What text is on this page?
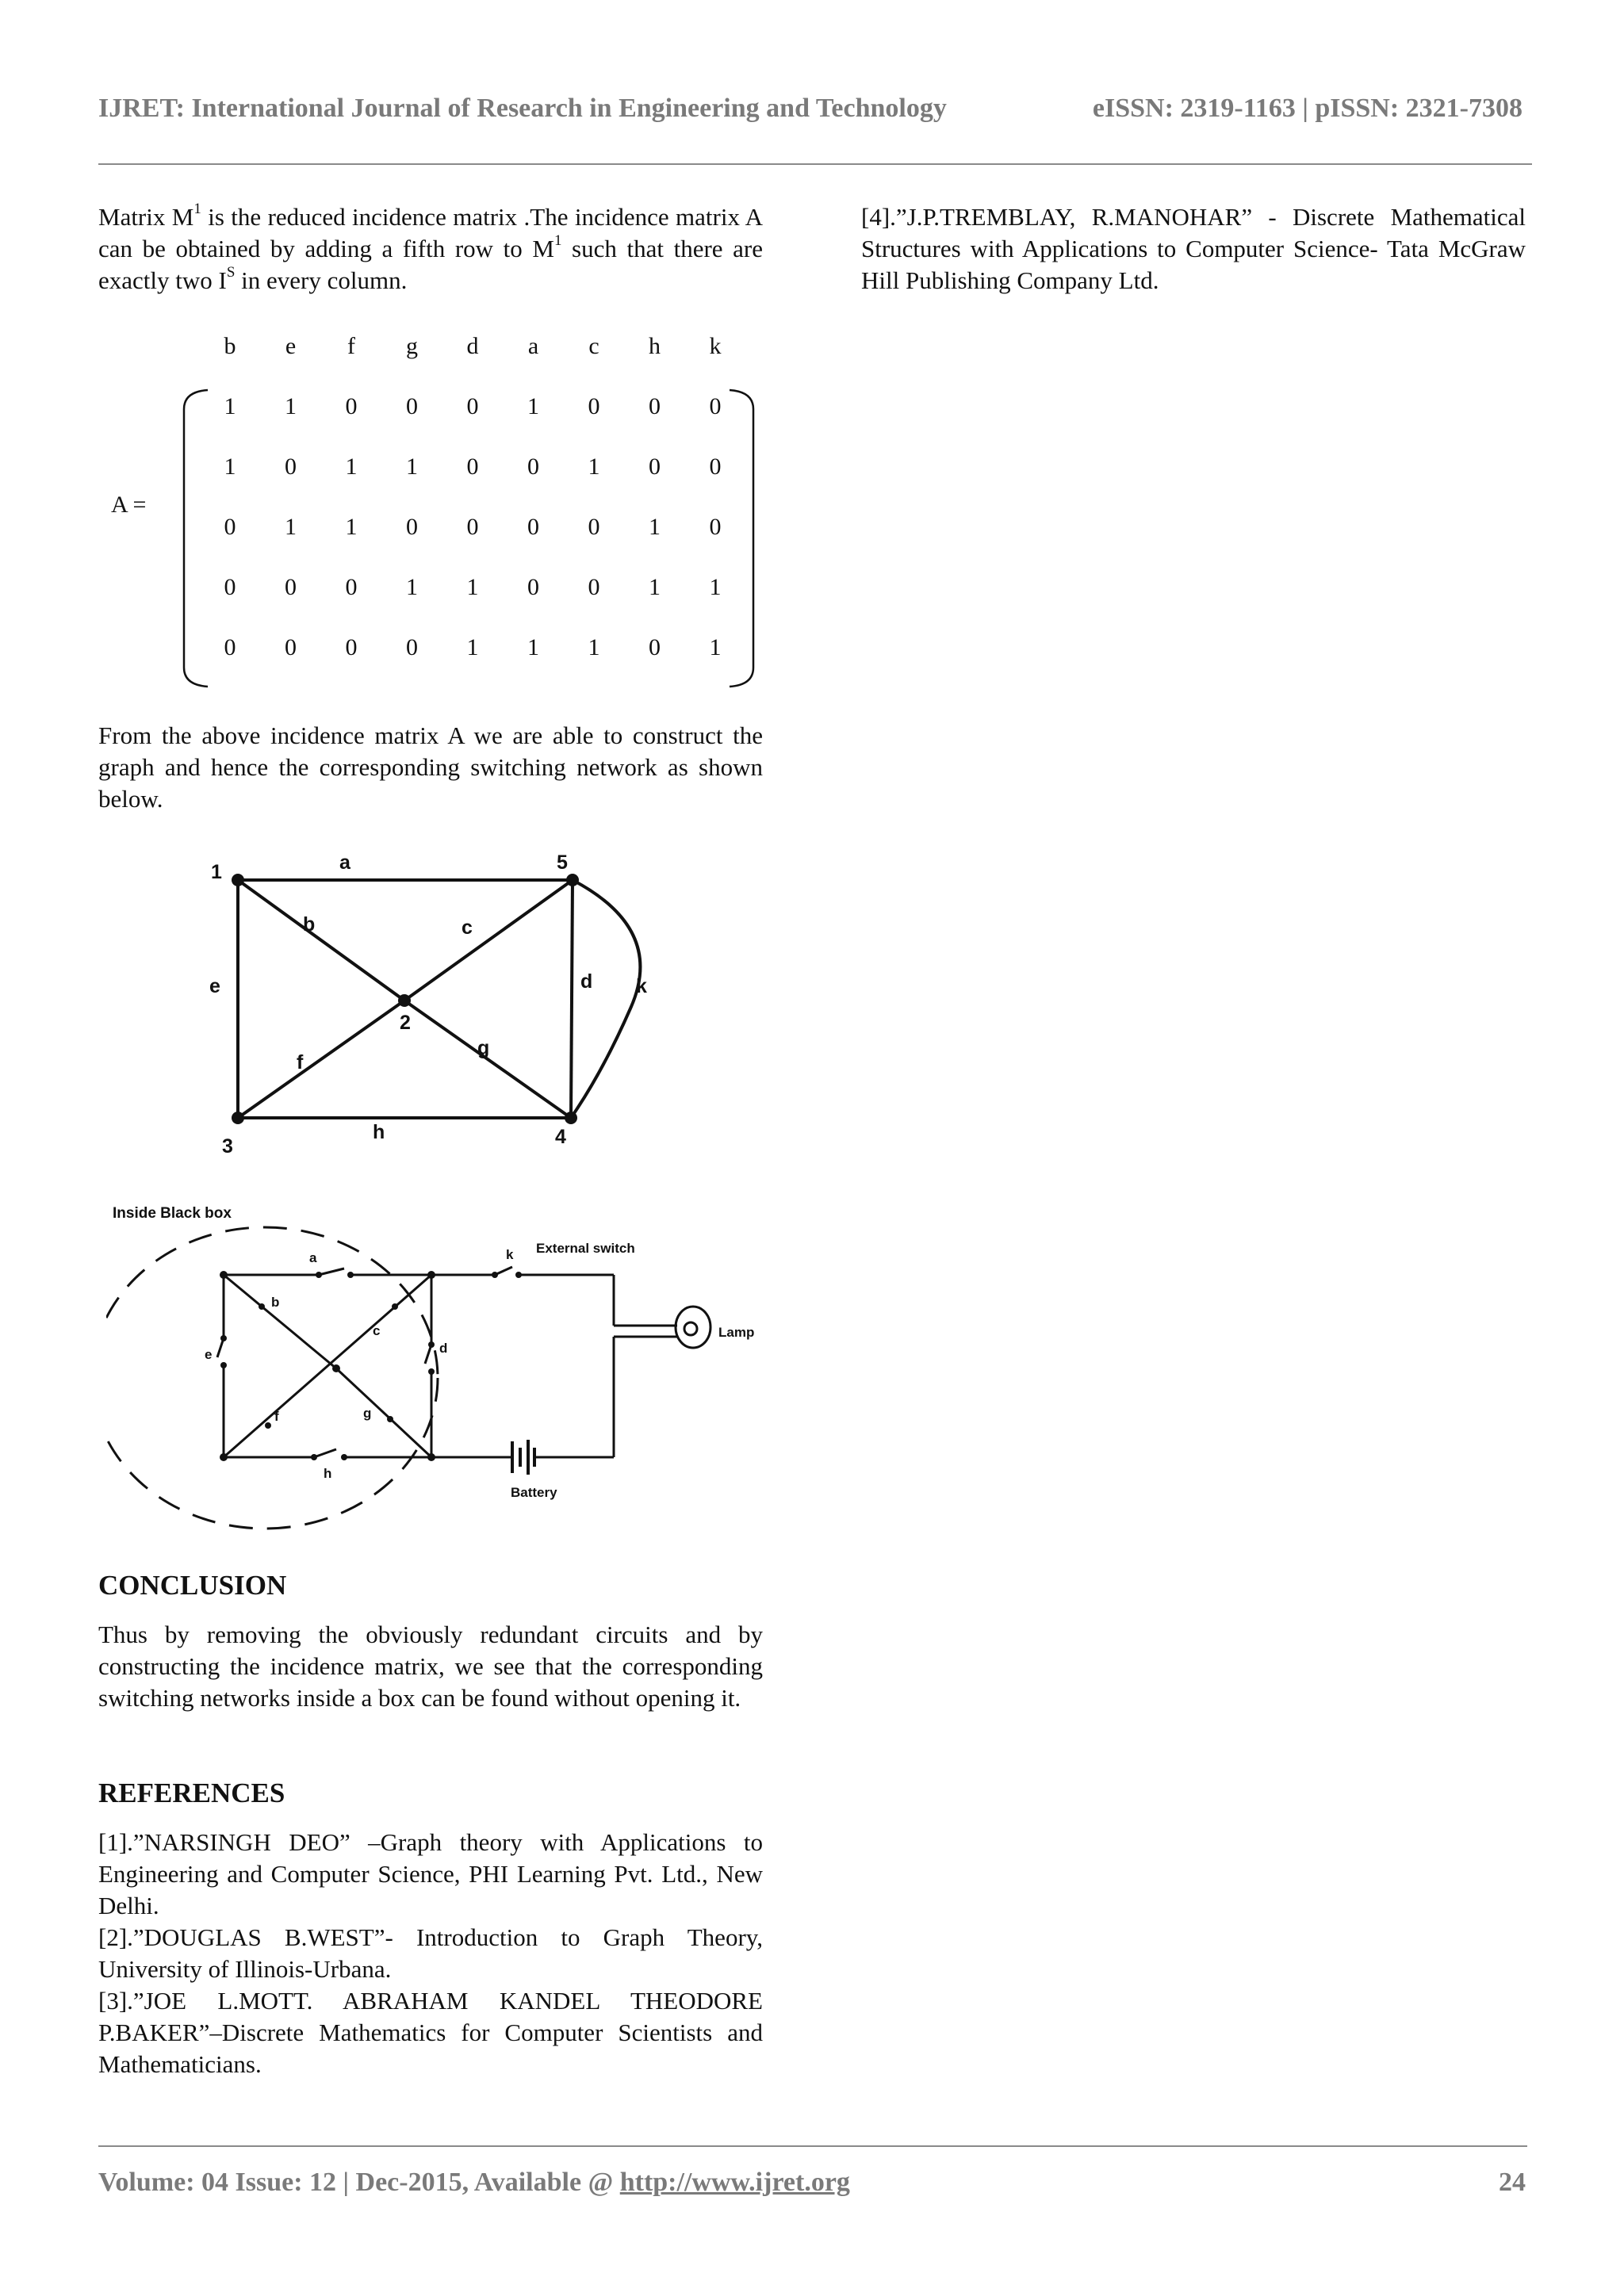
IJRET: International Journal of Research in Engineering and Technology	eISSN: 2319-1163 | pISSN: 2321-7308

Matrix $M^1$ is the reduced incidence matrix .The incidence matrix A can be obtained by adding a fifth row to $M^1$ such that there are exactly two $I^S$ in every column.

A =
b	e	f	g	d	a	c	h	k
1	1	0	0	0	1	0	0	0
1	0	1	1	0	0	1	0	0
0	1	1	0	0	0	0	1	0
0	0	0	1	1	0	0	1	1
0	0	0	0	1	1	1	0	1

From the above incidence matrix A we are able to construct the graph and hence the corresponding switching network as shown below.

1
2
3	4
5
a
b	c
d
e
f
g
h
k
Inside Black box
a
b
c
d
e
f	g
h
k External switch
Lamp
Battery
CONCLUSION

Thus by removing the obviously redundant circuits and by constructing the incidence matrix, we see that the corresponding switching networks inside a box can be found without opening it.

REFERENCES
[1].”NARSINGH DEO” –Graph theory with Applications to Engineering and Computer Science, PHI Learning Pvt. Ltd., New Delhi.
[2].”DOUGLAS B.WEST”- Introduction to Graph Theory, University of Illinois-Urbana.
[3].”JOE L.MOTT. ABRAHAM KANDEL THEODORE P.BAKER”–Discrete Mathematics for Computer Scientists and Mathematicians.

[4].”J.P.TREMBLAY, R.MANOHAR” - Discrete Mathematical Structures with Applications to Computer Science- Tata McGraw Hill Publishing Company Ltd.

Volume: 04 Issue: 12 | Dec-2015, Available @ http://www.ijret.org	24
